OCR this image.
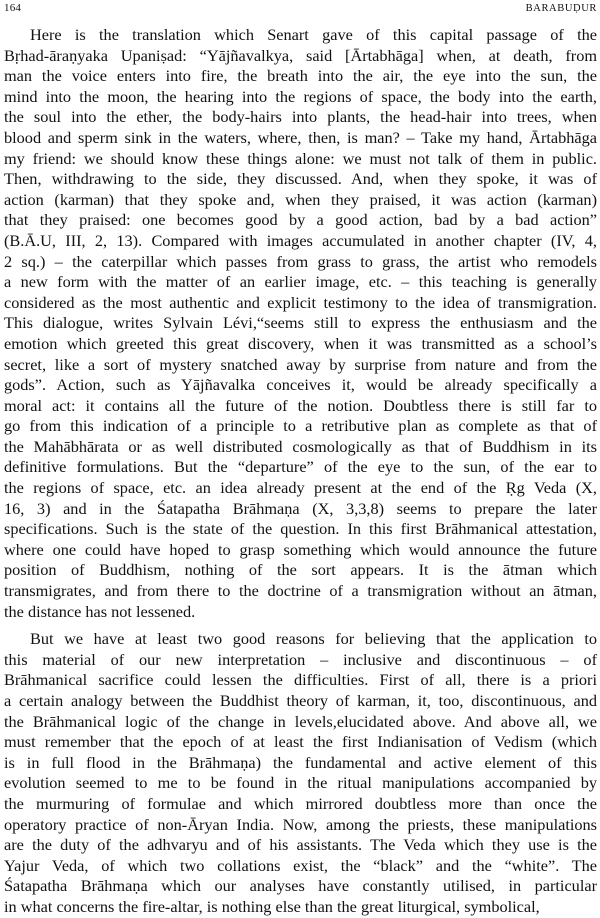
164	BARABUḌUR
Here is the translation which Senart gave of this capital passage of the
Bṛhad-āraṇyaka Upaniṣad: “Yājñavalkya, said [Ārtabhāga] when, at death, from
man the voice enters into fire, the breath into the air, the eye into the sun, the
mind into the moon, the hearing into the regions of space, the body into the earth,
the soul into the ether, the body-hairs into plants, the head-hair into trees, when
blood and sperm sink in the waters, where, then, is man? – Take my hand, Ārtabhāga
my friend: we should know these things alone: we must not talk of them in public.
Then, withdrawing to the side, they discussed. And, when they spoke, it was of
action (karman) that they spoke and, when they praised, it was action (karman)
that they praised: one becomes good by a good action, bad by a bad action”
(B.Ā.U, III, 2, 13). Compared with images accumulated in another chapter (IV, 4,
2 sq.) – the caterpillar which passes from grass to grass, the artist who remodels
a new form with the matter of an earlier image, etc. – this teaching is generally
considered as the most authentic and explicit testimony to the idea of transmigration.
This dialogue, writes Sylvain Lévi,“seems still to express the enthusiasm and the
emotion which greeted this great discovery, when it was transmitted as a school’s
secret, like a sort of mystery snatched away by surprise from nature and from the
gods”. Action, such as Yājñavalka conceives it, would be already specifically a
moral act: it contains all the future of the notion. Doubtless there is still far to
go from this indication of a principle to a retributive plan as complete as that of
the Mahābhārata or as well distributed cosmologically as that of Buddhism in its
definitive formulations. But the “departure” of the eye to the sun, of the ear to
the regions of space, etc. an idea already present at the end of the Ṛg Veda (X,
16, 3) and in the Śatapatha Brāhmaṇa (X, 3,3,8) seems to prepare the later
specifications. Such is the state of the question. In this first Brāhmanical attestation,
where one could have hoped to grasp something which would announce the future
position of Buddhism, nothing of the sort appears. It is the ātman which
transmigrates, and from there to the doctrine of a transmigration without an ātman,
the distance has not lessened.
But we have at least two good reasons for believing that the application to
this material of our new interpretation – inclusive and discontinuous – of
Brāhmanical sacrifice could lessen the difficulties. First of all, there is a priori
a certain analogy between the Buddhist theory of karman, it, too, discontinuous, and
the Brāhmanical logic of the change in levels,elucidated above. And above all, we
must remember that the epoch of at least the first Indianisation of Vedism (which
is in full flood in the Brāhmaṇa) the fundamental and active element of this
evolution seemed to me to be found in the ritual manipulations accompanied by
the murmuring of formulae and which mirrored doubtless more than once the
operatory practice of non-Āryan India. Now, among the priests, these manipulations
are the duty of the adhvaryu and of his assistants. The Veda which they use is the
Yajur Veda, of which two collations exist, the “black” and the “white”. The
Śatapatha Brāhmaṇa which our analyses have constantly utilised, in particular
in what concerns the fire-altar, is nothing else than the great liturgical, symbolical,
